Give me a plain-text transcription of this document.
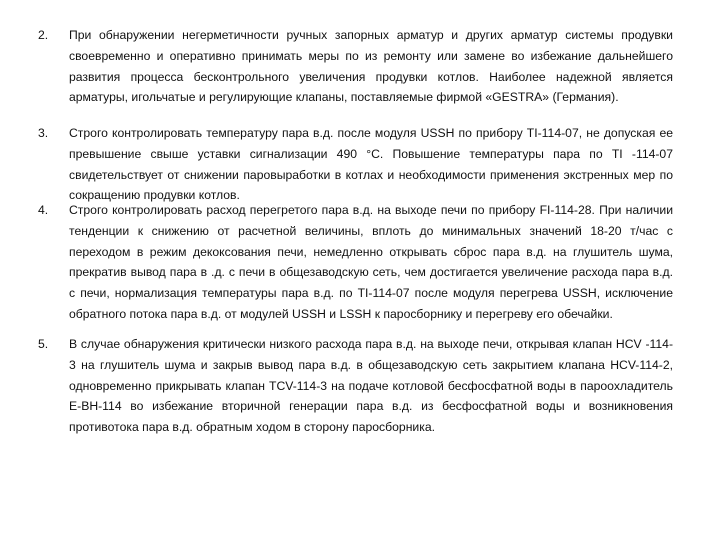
2. При обнаружении негерметичности ручных запорных арматур и других арматур системы продувки своевременно и оперативно принимать меры по из ремонту или замене во избежание дальнейшего развития процесса бесконтрольного увеличения продувки котлов. Наиболее надежной является арматуры, игольчатые и регулирующие клапаны, поставляемые фирмой «GESTRA» (Германия).
3. Строго контролировать температуру пара в.д. после модуля USSH по прибору TI-114-07, не допуская ее превышение свыше уставки сигнализации 490 °С. Повышение температуры пара по TI -114-07 свидетельствует от снижении паровыработки в котлах и необходимости применения экстренных мер по сокращению продувки котлов.
4. Строго контролировать расход перегретого пара в.д. на выходе печи по прибору FI-114-28. При наличии тенденции к снижению от расчетной величины, вплоть до минимальных значений 18-20 т/час с переходом в режим декоксования печи, немедленно открывать сброс пара в.д. на глушитель шума, прекратив вывод пара в .д. с печи в общезаводскую сеть, чем достигается увеличение расхода пара в.д. с печи, нормализация температуры пара в.д. по TI-114-07 после модуля перегрева USSH, исключение обратного потока пара в.д. от модулей USSH и LSSH к паросборнику и перегреву его обечайки.
5. В случае обнаружения критически низкого расхода пара в.д. на выходе печи, открывая клапан HCV -114-3 на глушитель шума и закрыв вывод пара в.д. в общезаводскую сеть закрытием клапана HCV-114-2, одновременно прикрывать клапан TCV-114-3 на подаче котловой бесфосфатной воды в пароохладитель Е-ВН-114 во избежание вторичной генерации пара в.д. из бесфосфатной воды и возникновения противотока пара в.д. обратным ходом в сторону паросборника.
